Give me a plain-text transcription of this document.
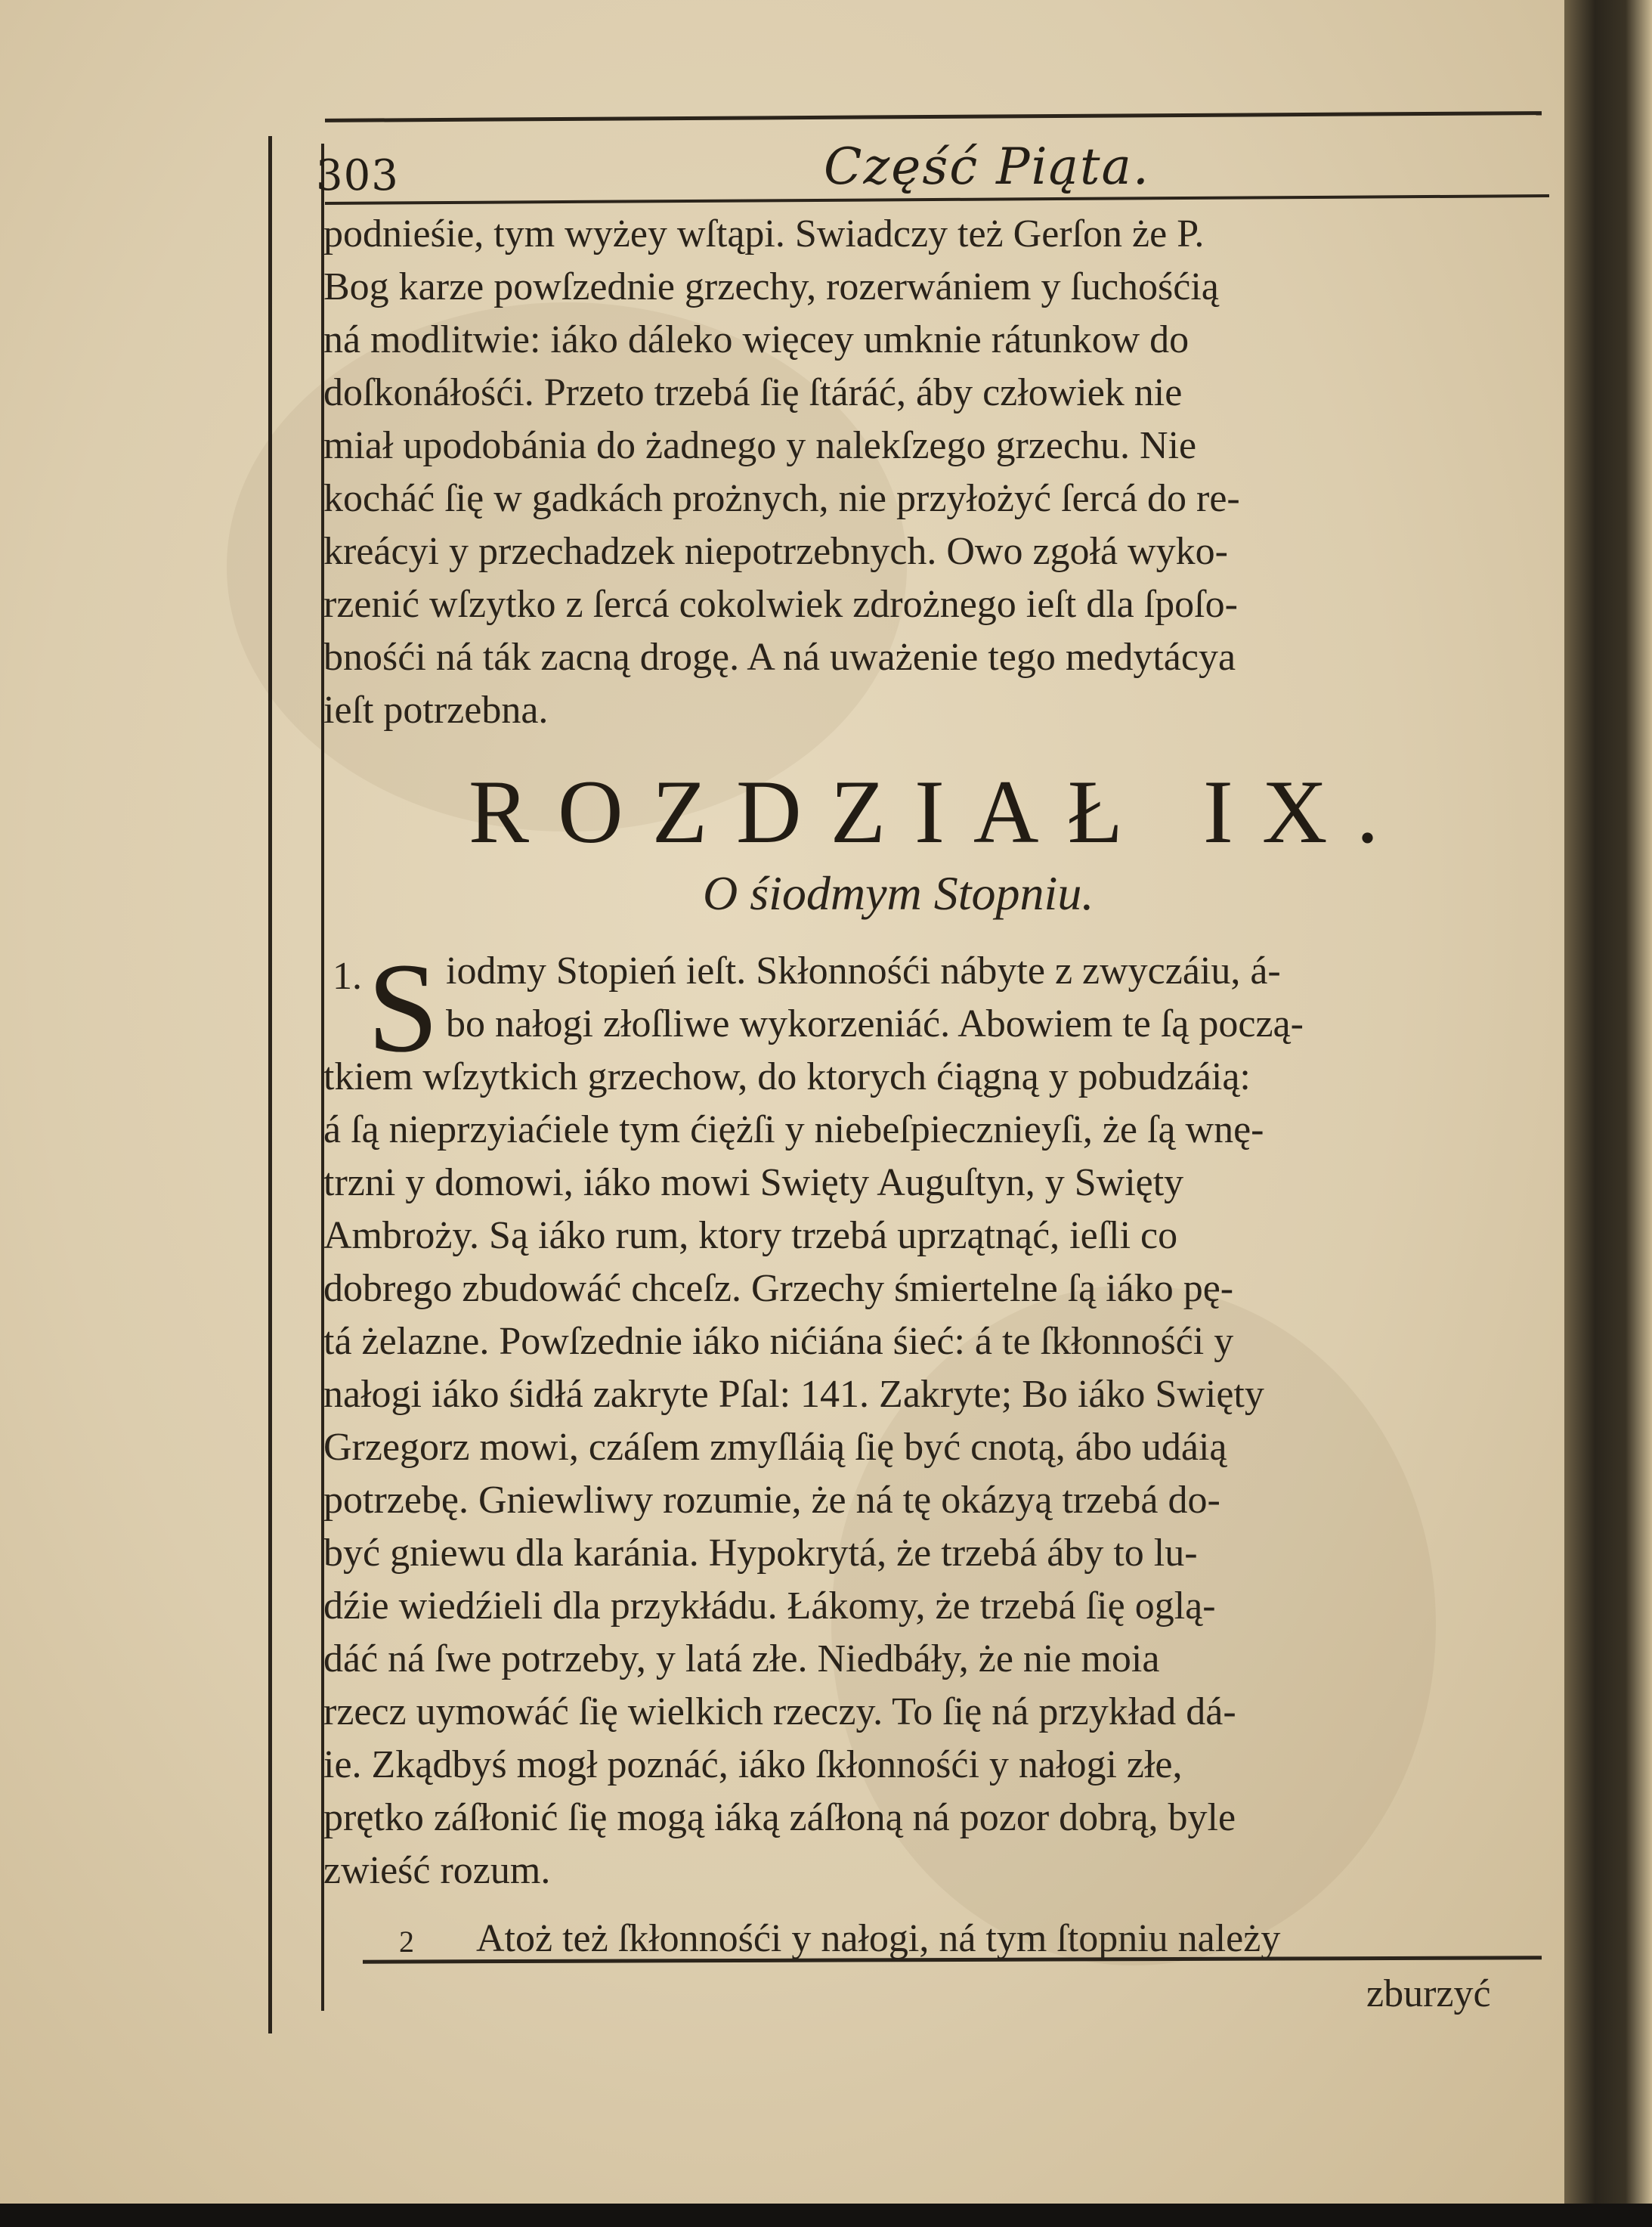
303	Część Piąta.
podnieśie, tym wyżey wſtąpi. Swiadczy też Gerſon że P.
Bog karze powſzednie grzechy, rozerwániem y ſuchośćią
ná modlitwie: iáko dáleko więcey umknie rátunkow do
doſkonáłośći. Przeto trzebá ſię ſtáráć, áby człowiek nie
miał upodobánia do żadnego y nalekſzego grzechu. Nie
kocháć ſię w gadkách prożnych, nie przyłożyć ſercá do re-
kreácyi y przechadzek niepotrzebnych. Owo zgołá wyko-
rzenić wſzytko z ſercá cokolwiek zdrożnego ieſt dla ſpoſo-
bnośći ná ták zacną drogę. A ná uważenie tego medytácya
ieſt potrzebna.
ROZDZIAŁ IX.
O śiodmym Stopniu.
1. S iodmy Stopień ieſt. Skłonnośći nábyte z zwyczáiu, á-
bo nałogi złoſliwe wykorzeniáć. Abowiem te ſą począ-
tkiem wſzytkich grzechow, do ktorych ćiągną y pobudzáią:
á ſą nieprzyiaćiele tym ćiężſi y niebeſpiecznieyſi, że ſą wnę-
trzni y domowi, iáko mowi Swięty Auguſtyn, y Swięty
Ambroży. Są iáko rum, ktory trzebá uprzątnąć, ieſli co
dobrego zbudowáć chceſz. Grzechy śmiertelne ſą iáko pę-
tá żelazne. Powſzednie iáko nićiána śieć: á te ſkłonnośći y
nałogi iáko śidłá zakryte Pſal: 141. Zakryte; Bo iáko Swięty
Grzegorz mowi, czáſem zmyſláią ſię być cnotą, ábo udáią
potrzebę. Gniewliwy rozumie, że ná tę okázyą trzebá do-
być gniewu dla karánia. Hypokrytá, że trzebá áby to lu-
dźie wiedźieli dla przykłádu. Łákomy, że trzebá ſię oglą-
dáć ná ſwe potrzeby, y latá złe. Niedbáły, że nie moia
rzecz uymowáć ſię wielkich rzeczy. To ſię ná przykład dá-
ie. Zkądbyś mogł poznáć, iáko ſkłonnośći y nałogi złe,
prętko záſłonić ſię mogą iáką záſłoną ná pozor dobrą, byle
zwieść rozum.
2 Atoż też ſkłonnośći y nałogi, ná tym ſtopniu należy
zburzyć
